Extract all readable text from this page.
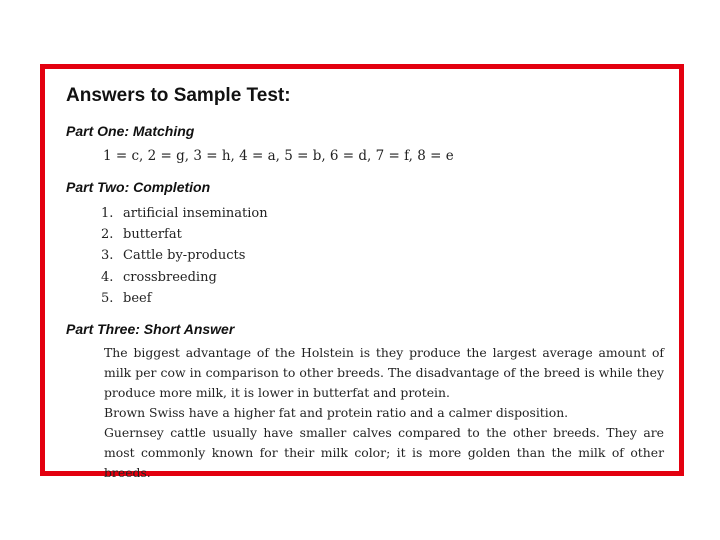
Answers to Sample Test:
Part One: Matching
1 = c, 2 = g, 3 = h, 4 = a, 5 = b, 6 = d, 7 = f, 8 = e
Part Two: Completion
1. artificial insemination
2. butterfat
3. Cattle by-products
4. crossbreeding
5. beef
Part Three: Short Answer

The biggest advantage of the Holstein is they produce the largest average amount of milk per cow in comparison to other breeds. The disadvantage of the breed is while they produce more milk, it is lower in butterfat and protein.

Brown Swiss have a higher fat and protein ratio and a calmer disposition.

Guernsey cattle usually have smaller calves compared to the other breeds. They are most commonly known for their milk color; it is more golden than the milk of other breeds.
